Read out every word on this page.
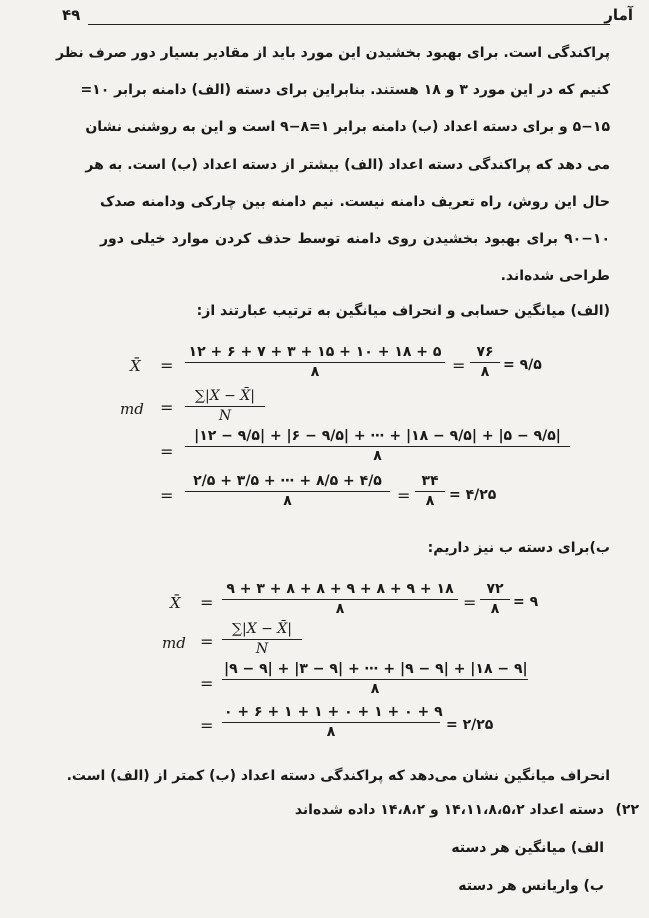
۴۹	آمار
پراکندگی است. برای بهبود بخشیدن این مورد باید از مقادیر بسیار دور صرف نظر
کنیم که در این مورد ۳ و ۱۸ هستند. بنابراین برای دسته (الف) دامنه برابر ۱۰=
۵−۱۵ و برای دسته اعداد (ب) دامنه برابر ۱=۸−۹ است و این به روشنی نشان
می دهد که پراکندگی دسته اعداد (الف) بیشتر از دسته اعداد (ب) است. به هر
حال این روش، راه تعریف دامنه نیست. نیم دامنه بین چارکی ودامنه صدک
۹۰−۱۰ برای بهبود بخشیدن روی دامنه توسط حذف کردن موارد خیلی دور
طراحی شده‌اند.
(الف) میانگین حسابی و انحراف میانگین به ترتیب عبارتند از:
X̄ =
۱۲ + ۶ + ۷ + ۳ + ۱۵ + ۱۰ + ۱۸ + ۵
۸	=
۷۶
۸ = ۹/۵
md = $\frac{\sum|X - X̄|}{N}$
=
|۱۲ − ۹/۵| + |۶ − ۹/۵| + ⋯ + |۱۸ − ۹/۵| + |۵ − ۹/۵|
۸
=
۲/۵ + ۳/۵ + ⋯ + ۸/۵ + ۴/۵
۸	=
۳۴
۸	= ۴/۲۵
ب)برای دسته ب نیز داریم:
X̄ =
۹ + ۳ + ۸ + ۸ + ۹ + ۸ + ۹ + ۱۸
۸	=
۷۲
۸ = ۹
md = $\frac{\sum|X - X̄|}{N}$
=
|۹ − ۹| + |۳ − ۹| + ⋯ + |۹ − ۹| + |۱۸ − ۹|
۸
=
۰ + ۶ + ۱ + ۱ + ۰ + ۱ + ۰ + ۹
۸	= ۲/۲۵
انحراف میانگین نشان می‌دهد که پراکندگی دسته اعداد (ب) کمتر از (الف) است.
۲۲)
دسته اعداد ۱۴،۱۱،۸،۵،۲ و ۱۴،۸،۲ داده شده‌اند
الف) میانگین هر دسته
ب) واریانس هر دسته
